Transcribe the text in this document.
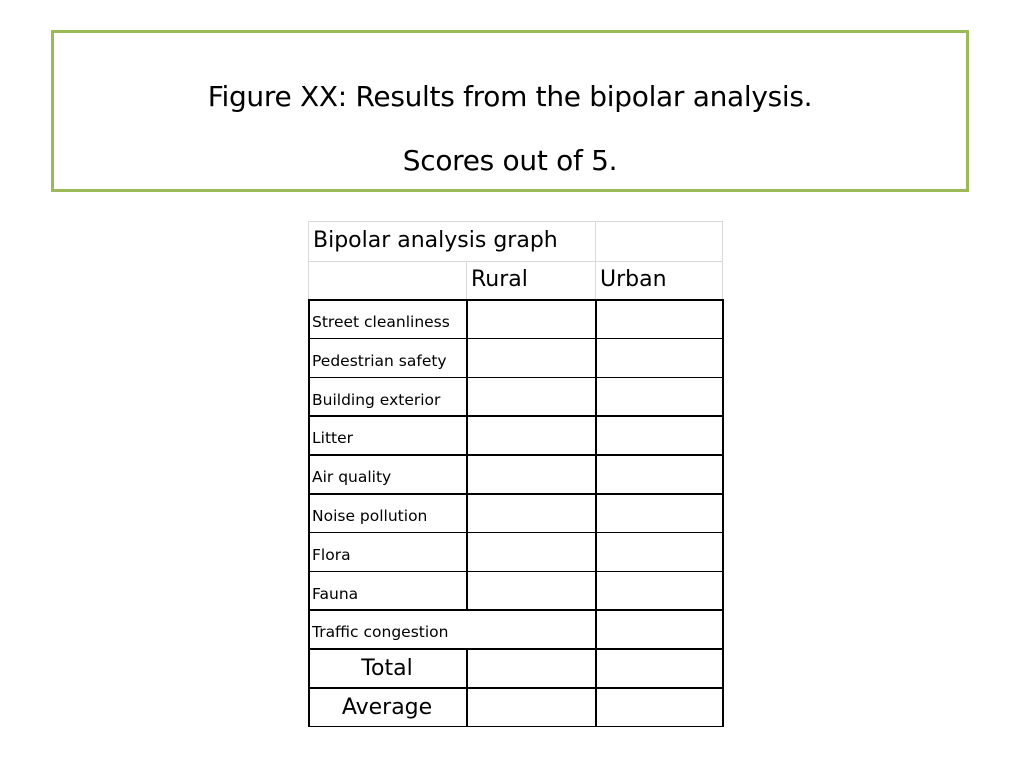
Figure XX: Results from the bipolar analysis.
Scores out of 5.
Bipolar analysis graph
Rural	Urban
Street cleanliness
Pedestrian safety
Building exterior
Litter
Air quality
Noise pollution
Flora
Fauna
Traffic congestion
Total
Average
